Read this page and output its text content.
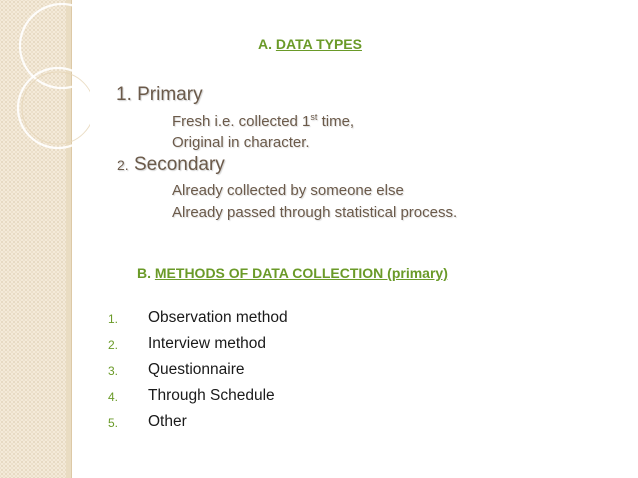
A. DATA TYPES
1. Primary
Fresh i.e. collected 1st time,
Original in character.
2. Secondary
Already collected by someone else
Already passed through statistical process.
B. METHODS OF DATA COLLECTION (primary)
1. Observation method
2. Interview method
3. Questionnaire
4. Through Schedule
5. Other
